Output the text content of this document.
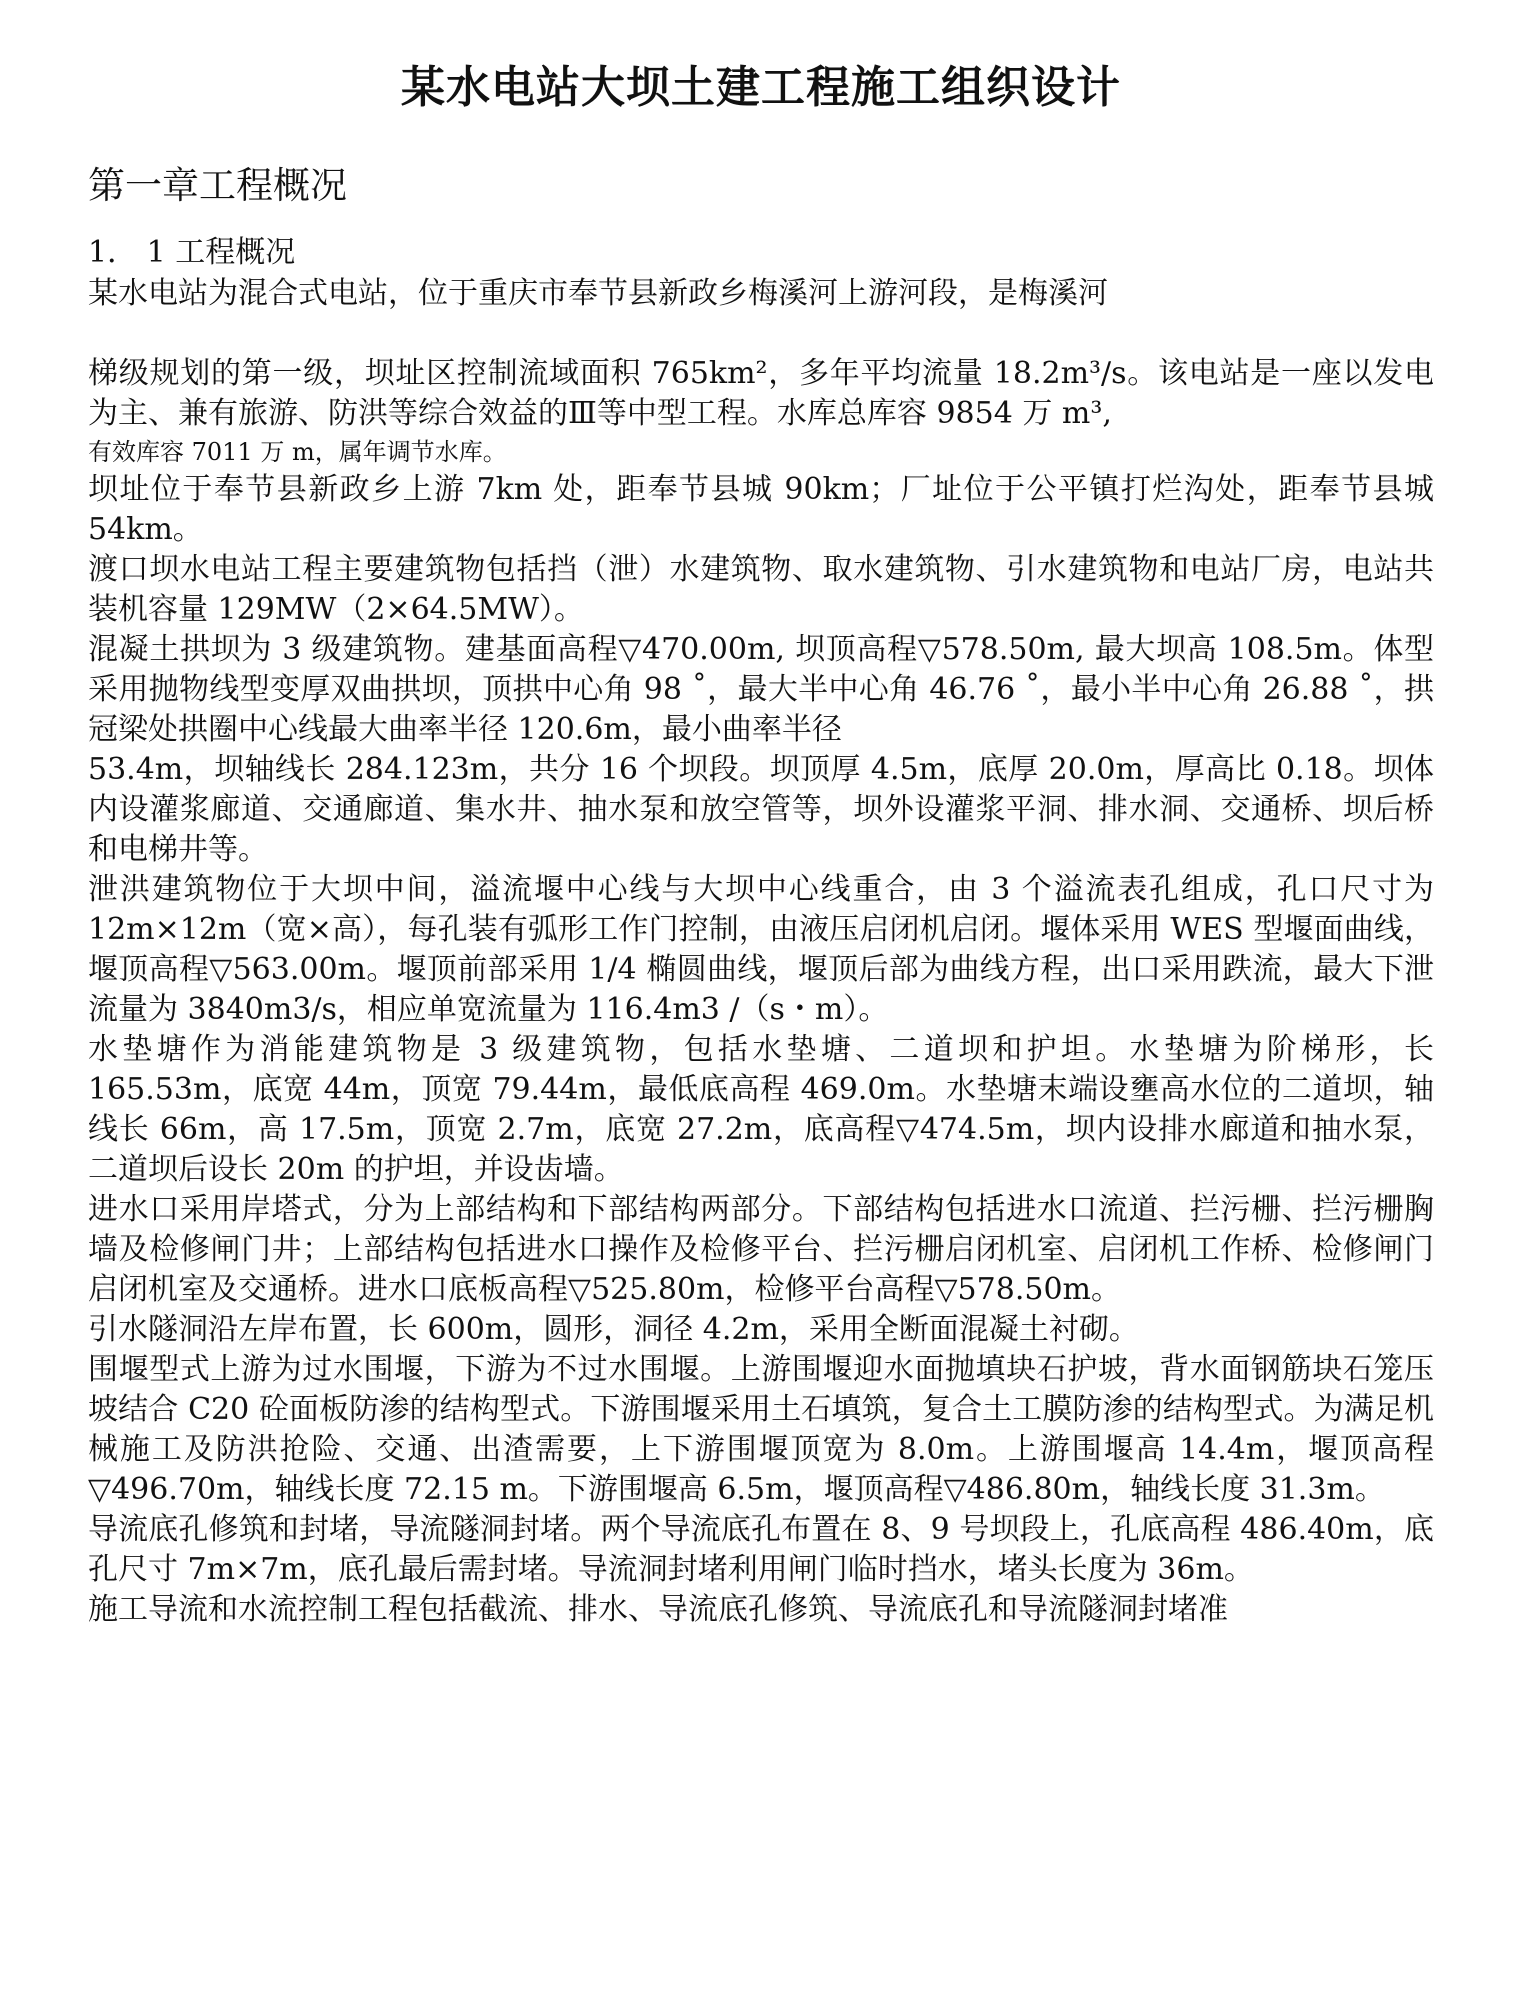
某水电站大坝土建工程施工组织设计
第一章工程概况
1． 1 工程概况

某水电站为混合式电站，位于重庆市奉节县新政乡梅溪河上游河段，是梅溪河

梯级规划的第一级，坝址区控制流域面积 765km²，多年平均流量 18.2m³/s。该电站是一座以发电为主、兼有旅游、防洪等综合效益的Ⅲ等中型工程。水库总库容 9854 万 m³,

有效库容 7011 万 m，属年调节水库。

坝址位于奉节县新政乡上游 7km 处，距奉节县城 90km；厂址位于公平镇打烂沟处，距奉节县城 54km。

渡口坝水电站工程主要建筑物包括挡（泄）水建筑物、取水建筑物、引水建筑物和电站厂房，电站共装机容量 129MW（2×64.5MW）。

混凝土拱坝为 3 级建筑物。建基面高程▽470.00m, 坝顶高程▽578.50m, 最大坝高 108.5m。体型采用抛物线型变厚双曲拱坝，顶拱中心角 98 ˚，最大半中心角 46.76 ˚，最小半中心角 26.88 ˚，拱冠梁处拱圈中心线最大曲率半径 120.6m，最小曲率半径

53.4m，坝轴线长 284.123m，共分 16 个坝段。坝顶厚 4.5m，底厚 20.0m，厚高比 0.18。坝体内设灌浆廊道、交通廊道、集水井、抽水泵和放空管等，坝外设灌浆平洞、排水洞、交通桥、坝后桥和电梯井等。

泄洪建筑物位于大坝中间，溢流堰中心线与大坝中心线重合，由 3 个溢流表孔组成，孔口尺寸为 12m×12m（宽×高），每孔装有弧形工作门控制，由液压启闭机启闭。堰体采用 WES 型堰面曲线，堰顶高程▽563.00m。堰顶前部采用 1/4 椭圆曲线，堰顶后部为曲线方程，出口采用跌流，最大下泄流量为 3840m3/s，相应单宽流量为 116.4m3 /（s・m）。

水垫塘作为消能建筑物是 3 级建筑物，包括水垫塘、二道坝和护坦。水垫塘为阶梯形，长 165.53m，底宽 44m，顶宽 79.44m，最低底高程 469.0m。水垫塘末端设壅高水位的二道坝，轴线长 66m，高 17.5m，顶宽 2.7m，底宽 27.2m，底高程▽474.5m，坝内设排水廊道和抽水泵，二道坝后设长 20m 的护坦，并设齿墙。

进水口采用岸塔式，分为上部结构和下部结构两部分。下部结构包括进水口流道、拦污栅、拦污栅胸墙及检修闸门井；上部结构包括进水口操作及检修平台、拦污栅启闭机室、启闭机工作桥、检修闸门启闭机室及交通桥。进水口底板高程▽525.80m，检修平台高程▽578.50m。

引水隧洞沿左岸布置，长 600m，圆形，洞径 4.2m，采用全断面混凝土衬砌。

围堰型式上游为过水围堰，下游为不过水围堰。上游围堰迎水面抛填块石护坡，背水面钢筋块石笼压坡结合 C20 砼面板防渗的结构型式。下游围堰采用土石填筑，复合土工膜防渗的结构型式。为满足机械施工及防洪抢险、交通、出渣需要，上下游围堰顶宽为 8.0m。上游围堰高 14.4m，堰顶高程▽496.70m，轴线长度 72.15 m。下游围堰高 6.5m，堰顶高程▽486.80m，轴线长度 31.3m。

导流底孔修筑和封堵，导流隧洞封堵。两个导流底孔布置在 8、9 号坝段上，孔底高程 486.40m，底孔尺寸 7m×7m，底孔最后需封堵。导流洞封堵利用闸门临时挡水，堵头长度为 36m。

施工导流和水流控制工程包括截流、排水、导流底孔修筑、导流底孔和导流隧洞封堵准
